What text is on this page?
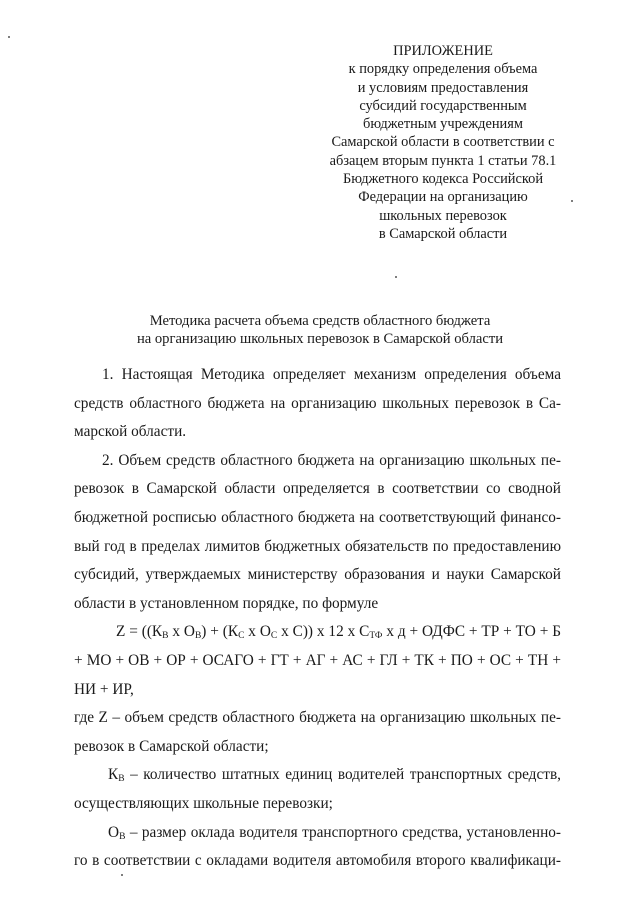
ПРИЛОЖЕНИЕ
к порядку определения объема
и условиям предоставления
субсидий государственным
бюджетным учреждениям
Самарской области в соответствии с
абзацем вторым пункта 1 статьи 78.1
Бюджетного кодекса Российской
Федерации на организацию
школьных перевозок
в Самарской области
Методика расчета объема средств областного бюджета
на организацию школьных перевозок в Самарской области
1. Настоящая Методика определяет механизм определения объема
средств областного бюджета на организацию школьных перевозок в Са-
марской области.
2. Объем средств областного бюджета на организацию школьных пе-
ревозок в Самарской области определяется в соответствии со сводной
бюджетной росписью областного бюджета на соответствующий финансо-
вый год в пределах лимитов бюджетных обязательств по предоставлению
субсидий, утверждаемых министерству образования и науки Самарской
области в установленном порядке, по формуле
$Z = ((К_В$ x $О_В) + (К_С$ x $О_С$ x С)) x 12 x $С_{ТФ}$ x д + ОДФС + ТР + ТО + Б
+ МО + ОВ + ОР + ОСАГО + ГТ + АГ + АС + ГЛ + ТК + ПО + ОС + ТН +
НИ + ИР,
где Z – объем средств областного бюджета на организацию школьных пе-
ревозок в Самарской области;
$К_В$ – количество штатных единиц водителей транспортных средств,
осуществляющих школьные перевозки;
$О_В$ – размер оклада водителя транспортного средства, установленно-
го в соответствии с окладами водителя автомобиля второго квалификаци-
